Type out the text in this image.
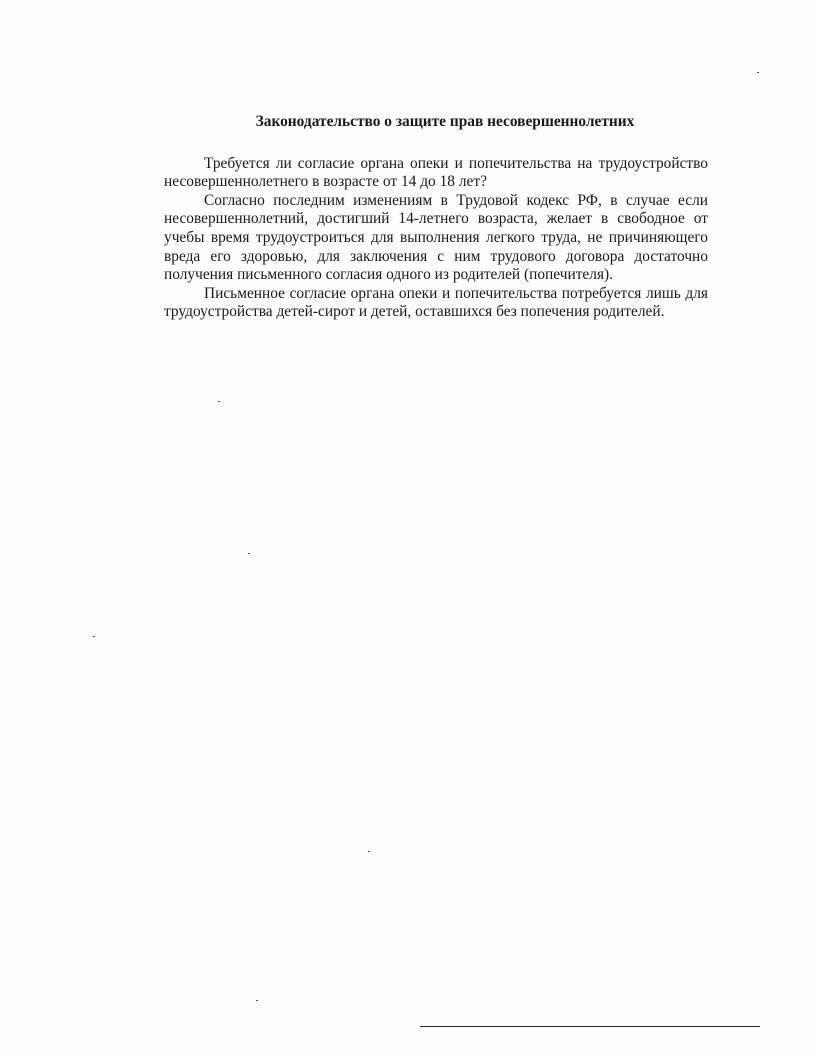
Законодательство о защите прав несовершеннолетних

Требуется ли согласие органа опеки и попечительства на трудоустройство несовершеннолетнего в возрасте от 14 до 18 лет?

Согласно последним изменениям в Трудовой кодекс РФ, в случае если несовершеннолетний, достигший 14-летнего возраста, желает в свободное от учебы время трудоустроиться для выполнения легкого труда, не причиняющего вреда его здоровью, для заключения с ним трудового договора достаточно получения письменного согласия одного из родителей (попечителя).

Письменное согласие органа опеки и попечительства потребуется лишь для трудоустройства детей-сирот и детей, оставшихся без попечения родителей.
